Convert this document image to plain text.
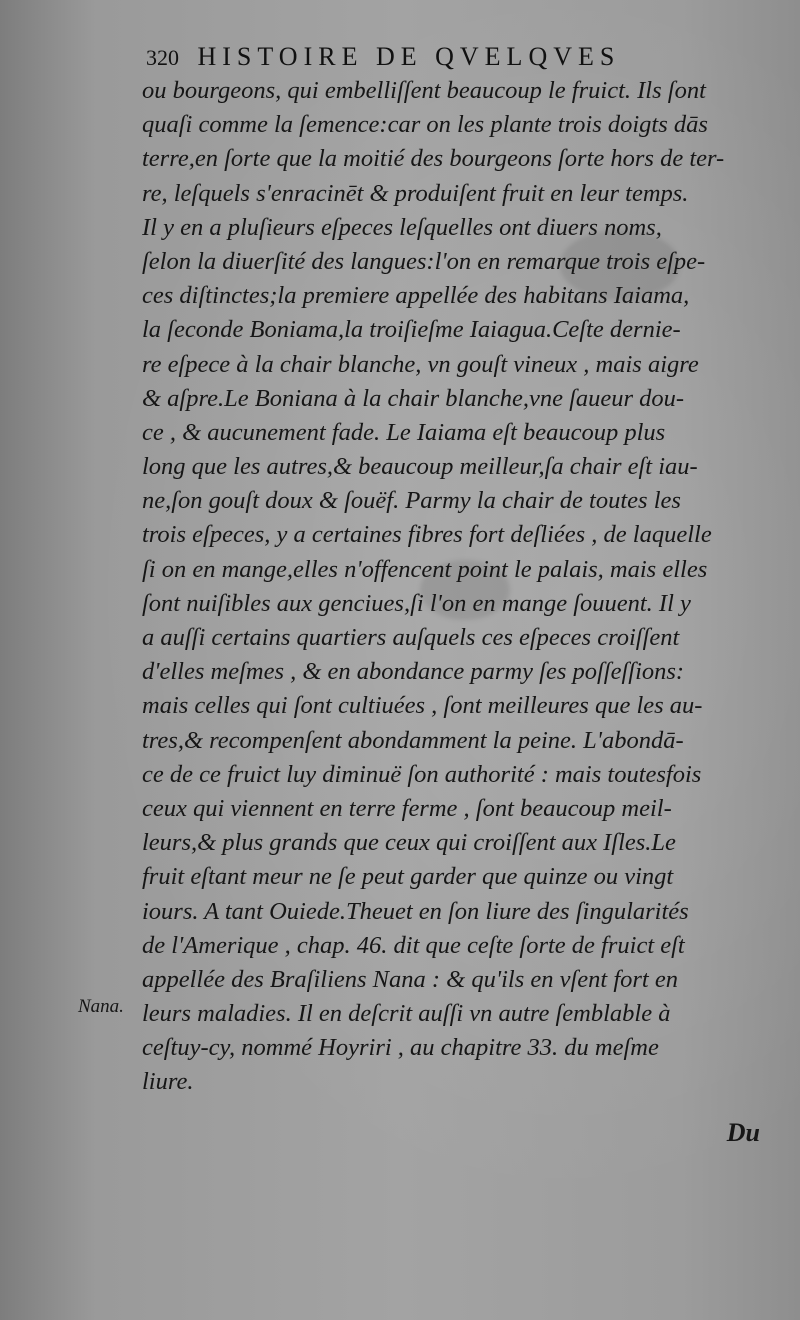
320 HISTOIRE DE QVELQVES
ou bourgeons, qui embelliſſent beaucoup le fruict. Ils ſont
quaſi comme la ſemence:car on les plante trois doigts dās
terre,en ſorte que la moitié des bourgeons ſorte hors de ter-
re, leſquels s'enracinēt & produiſent fruit en leur temps.
Il y en a pluſieurs eſpeces leſquelles ont diuers noms,
ſelon la diuerſité des langues:l'on en remarque trois eſpe-
ces diſtinctes;la premiere appellée des habitans Iaiama,
la ſeconde Boniama,la troiſieſme Iaiagua.Ceſte dernie-
re eſpece à la chair blanche, vn gouſt vineux , mais aigre
& aſpre.Le Boniana à la chair blanche,vne ſaueur dou-
ce , & aucunement fade. Le Iaiama eſt beaucoup plus
long que les autres,& beaucoup meilleur,ſa chair eſt iau-
ne,ſon gouſt doux & ſouëf. Parmy la chair de toutes les
trois eſpeces, y a certaines fibres fort deſliées , de laquelle
ſi on en mange,elles n'offencent point le palais, mais elles
ſont nuiſibles aux genciues,ſi l'on en mange ſouuent. Il y
a auſſi certains quartiers auſquels ces eſpeces croiſſent
d'elles meſmes , & en abondance parmy ſes poſſeſſions:
mais celles qui ſont cultiuées , ſont meilleures que les au-
tres,& recompenſent abondamment la peine. L'abondā-
ce de ce fruict luy diminuë ſon authorité : mais toutesfois
ceux qui viennent en terre ferme , ſont beaucoup meil-
leurs,& plus grands que ceux qui croiſſent aux Iſles.Le
fruit eſtant meur ne ſe peut garder que quinze ou vingt
iours. A tant Ouiede.Theuet en ſon liure des ſingularités
de l'Amerique , chap. 46. dit que ceſte ſorte de fruict eſt
appellée des Braſiliens Nana : & qu'ils en vſent fort en
leurs maladies. Il en deſcrit auſſi vn autre ſemblable à
ceſtuy-cy, nommé Hoyriri , au chapitre 33. du meſme
liure.
Nana.
Du
